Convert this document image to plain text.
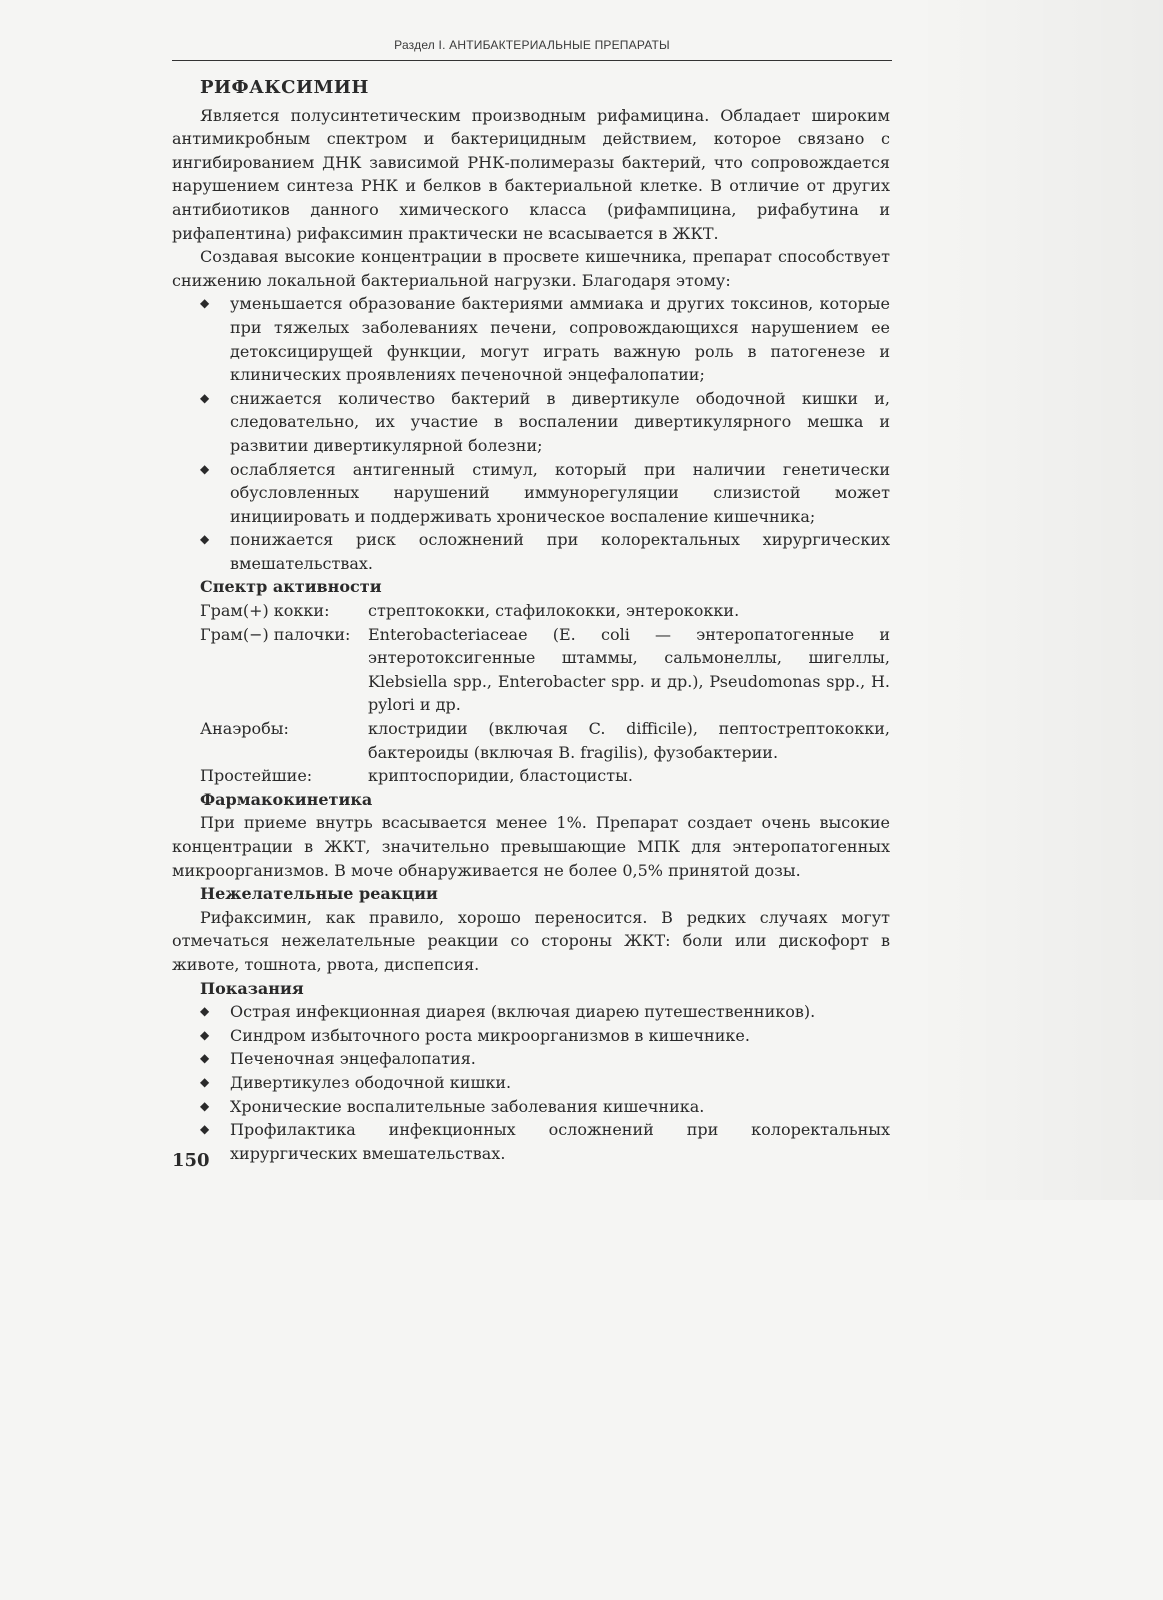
Раздел I. АНТИБАКТЕРИАЛЬНЫЕ ПРЕПАРАТЫ
РИФАКСИМИН

Является полусинтетическим производным рифамицина. Обладает широким антимикробным спектром и бактерицидным действием, которое связано с ингибированием ДНК зависимой РНК-полимеразы бактерий, что сопровождается нарушением синтеза РНК и белков в бактериальной клетке. В отличие от других антибиотиков данного химического класса (рифампицина, рифабутина и рифапентина) рифаксимин практически не всасывается в ЖКТ.

Создавая высокие концентрации в просвете кишечника, препарат способствует снижению локальной бактериальной нагрузки. Благодаря этому:

◆ уменьшается образование бактериями аммиака и других токсинов, которые при тяжелых заболеваниях печени, сопровождающихся нарушением ее детоксицирущей функции, могут играть важную роль в патогенезе и клинических проявлениях печеночной энцефалопатии;
◆ снижается количество бактерий в дивертикуле ободочной кишки и, следовательно, их участие в воспалении дивертикулярного мешка и развитии дивертикулярной болезни;
◆ ослабляется антигенный стимул, который при наличии генетически обусловленных нарушений иммунорегуляции слизистой может инициировать и поддерживать хроническое воспаление кишечника;
◆ понижается риск осложнений при колоректальных хирургических вмешательствах.
Спектр активности
Грам(+) кокки:	стрептококки, стафилококки, энтерококки.
Грам(−) палочки:	Enterobacteriaceae (E. coli — энтеропатогенные и энтеротоксигенные штаммы, сальмонеллы, шигеллы, Klebsiella spp., Enterobacter spp. и др.), Pseudomonas spp., H. pylori и др.
Анаэробы:	клостридии (включая C. difficile), пептострептококки, бактероиды (включая B. fragilis), фузобактерии.
Простейшие:	криптоспоридии, бластоцисты.
Фармакокинетика

При приеме внутрь всасывается менее 1%. Препарат создает очень высокие концентрации в ЖКТ, значительно превышающие МПК для энтеропатогенных микроорганизмов. В моче обнаруживается не более 0,5% принятой дозы.

Нежелательные реакции

Рифаксимин, как правило, хорошо переносится. В редких случаях могут отмечаться нежелательные реакции со стороны ЖКТ: боли или дискофорт в животе, тошнота, рвота, диспепсия.

Показания
◆ Острая инфекционная диарея (включая диарею путешественников).
◆ Синдром избыточного роста микроорганизмов в кишечнике.
◆ Печеночная энцефалопатия.
◆ Дивертикулез ободочной кишки.
◆ Хронические воспалительные заболевания кишечника.
◆ Профилактика инфекционных осложнений при колоректальных хирургических вмешательствах.
150
